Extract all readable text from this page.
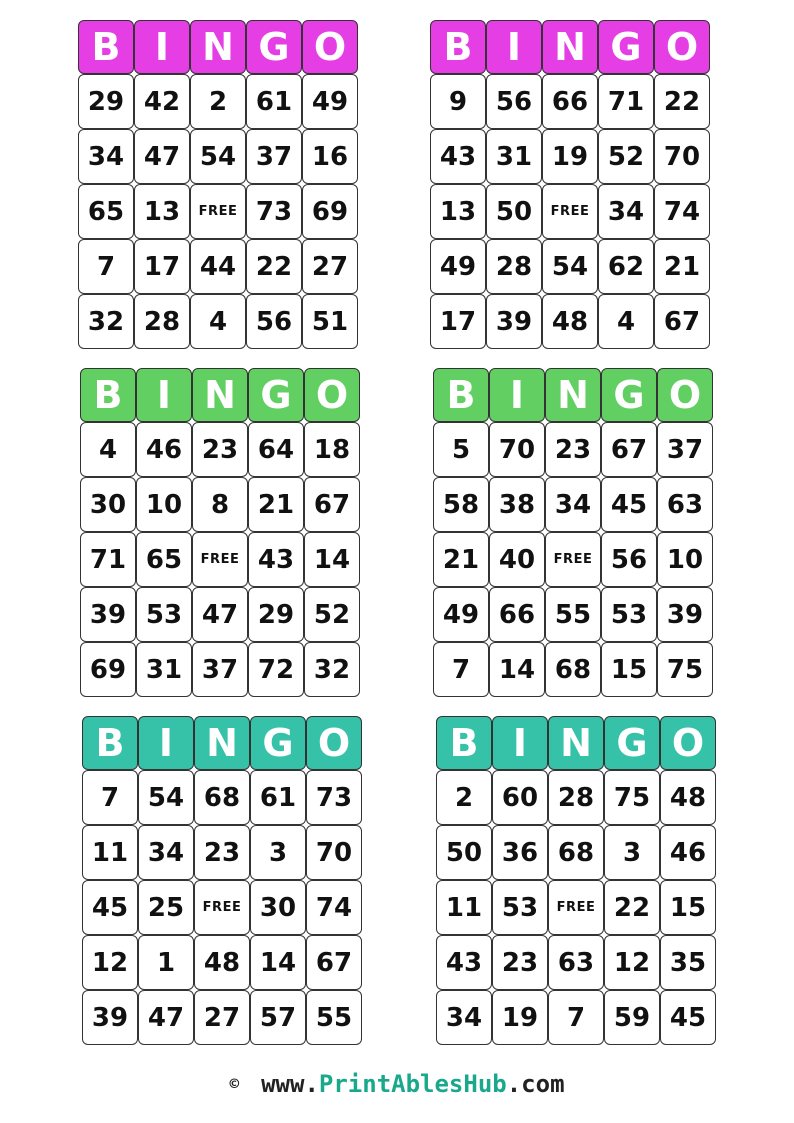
B I N G O
29 42	2	61 49
34 47 54 37 16
65 13	FREE 73 69
7	17 44 22 27
32 28	4	56 51
B I N G O
9	56 66 71 22
43 31 19 52 70
13 50	FREE 34 74
49 28 54 62 21
17 39 48	4	67
B I N G O
4	46 23 64 18
30 10	8	21 67
71 65	FREE 43 14
39 53 47 29 52
69 31 37 72 32
B I N G O
5	70 23 67 37
58 38 34 45 63
21 40	FREE 56 10
49 66 55 53 39
7	14 68 15 75
B I N G O
7	54 68 61 73
11 34 23	3	70
45 25	FREE 30 74
12	1	48 14 67
39 47 27 57 55
B I N G O
2	60 28 75 48
50 36 68	3	46
11 53	FREE 22 15
43 23 63 12 35
34 19	7	59 45
© www.PrintAblesHub.com
